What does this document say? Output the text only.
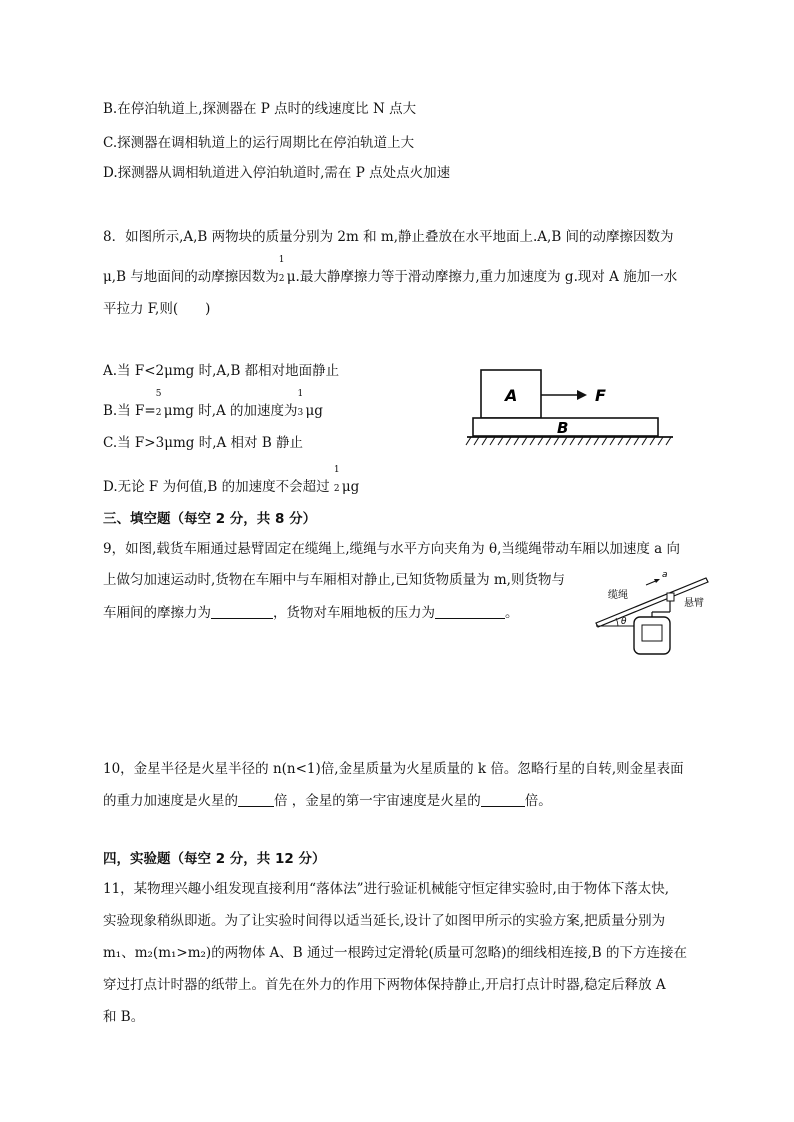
B.在停泊轨道上,探测器在 P 点时的线速度比 N 点大
C.探测器在调相轨道上的运行周期比在停泊轨道上大
D.探测器从调相轨道进入停泊轨道时,需在 P 点处点火加速
8．如图所示,A,B 两物块的质量分别为 2m 和 m,静止叠放在水平地面上.A,B 间的动摩擦因数为
μ,B 与地面间的动摩擦因数为
1
2 μ.最大静摩擦力等于滑动摩擦力,重力加速度为 g.现对 A 施加一水
平拉力 F,则(　　)
A.当 F<2μmg 时,A,B 都相对地面静止
B.当 F=
5
2 μmg 时,A 的加速度为
1
3 μg
C.当 F>3μmg 时,A 相对 B 静止
D.无论 F 为何值,B 的加速度不会超过
1
2 μg
A	F
B
三、填空题（每空 2 分，共 8 分）
9，如图,载货车厢通过悬臂固定在缆绳上,缆绳与水平方向夹角为 θ,当缆绳带动车厢以加速度 a 向
上做匀加速运动时,货物在车厢中与车厢相对静止,已知货物质量为 m,则货物与
车厢间的摩擦力为	，货物对车厢地板的压力为	。
θ
a
缆绳
悬臂
10，金星半径是火星半径的 n(n<1)倍,金星质量为火星质量的 k 倍。忽略行星的自转,则金星表面
的重力加速度是火星的	倍 ，金星的第一宇宙速度是火星的	倍。
四，实验题（每空 2 分，共 12 分）
11，某物理兴趣小组发现直接利用“落体法”进行验证机械能守恒定律实验时,由于物体下落太快,
实验现象稍纵即逝。为了让实验时间得以适当延长,设计了如图甲所示的实验方案,把质量分别为
m₁、m₂(m₁>m₂)的两物体 A、B 通过一根跨过定滑轮(质量可忽略)的细线相连接,B 的下方连接在
穿过打点计时器的纸带上。首先在外力的作用下两物体保持静止,开启打点计时器,稳定后释放 A
和 B。
